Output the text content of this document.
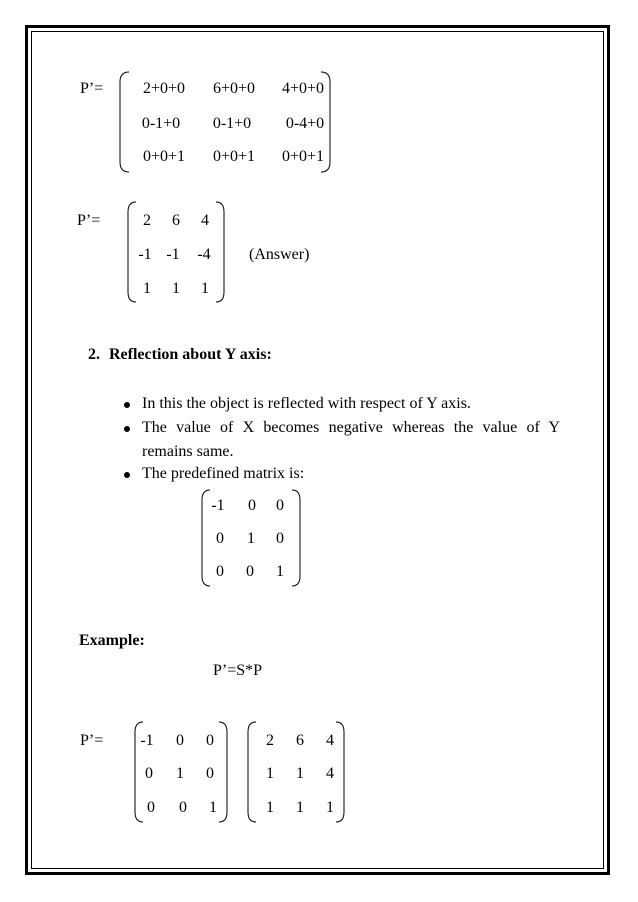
P’= 2+0+0 6+0+0 4+0+0
0-1+0 0-1+0 0-4+0
0+0+1 0+0+1 0+0+1
P’=	2 6 4
-1 -1 -4
1 1 1
(Answer)
2. Reflection about Y axis:
In this the object is reflected with respect of Y axis.
The value of X becomes negative whereas the value of Y
remains same.
The predefined matrix is:
-1 0 0
0 1 0
0 0 1
Example:
P’=S*P
P’= -1 0 0
0 1 0
0 0 1
2 6 4
1 1 4
1 1 1
